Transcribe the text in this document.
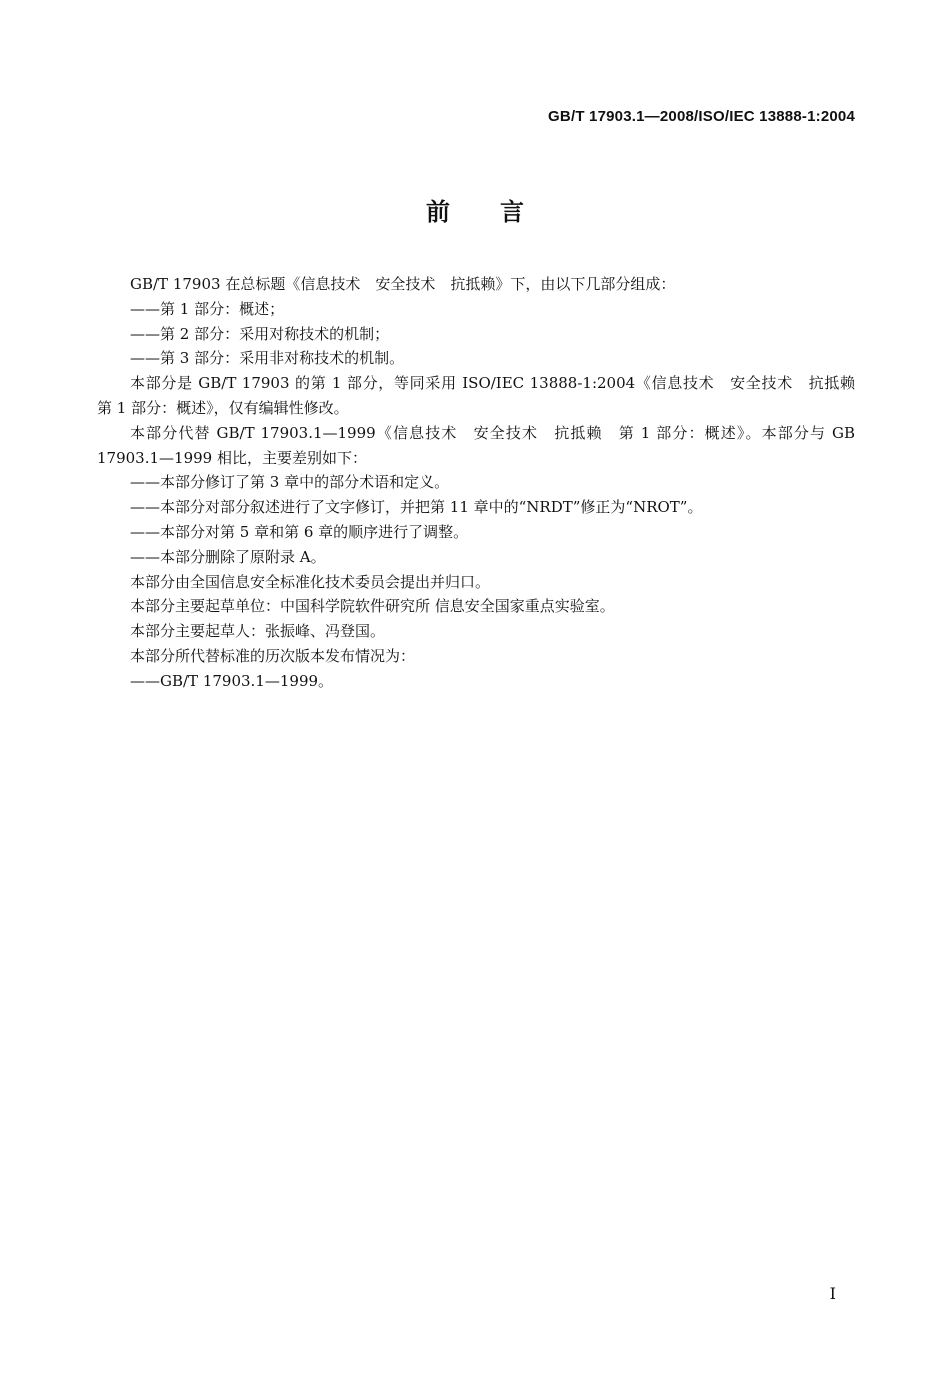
GB/T 17903.1—2008/ISO/IEC 13888-1:2004
前言

GB/T 17903 在总标题《信息技术　安全技术　抗抵赖》下，由以下几部分组成：

——第 1 部分：概述；

——第 2 部分：采用对称技术的机制；

——第 3 部分：采用非对称技术的机制。

本部分是 GB/T 17903 的第 1 部分，等同采用 ISO/IEC 13888-1:2004《信息技术　安全技术　抗抵赖　第 1 部分：概述》，仅有编辑性修改。

本部分代替 GB/T 17903.1—1999《信息技术　安全技术　抗抵赖　第 1 部分：概述》。本部分与 GB 17903.1—1999 相比，主要差别如下：

——本部分修订了第 3 章中的部分术语和定义。

——本部分对部分叙述进行了文字修订，并把第 11 章中的“NRDT”修正为“NROT”。

——本部分对第 5 章和第 6 章的顺序进行了调整。

——本部分删除了原附录 A。

本部分由全国信息安全标准化技术委员会提出并归口。

本部分主要起草单位：中国科学院软件研究所 信息安全国家重点实验室。

本部分主要起草人：张振峰、冯登国。

本部分所代替标准的历次版本发布情况为：

——GB/T 17903.1—1999。

I
